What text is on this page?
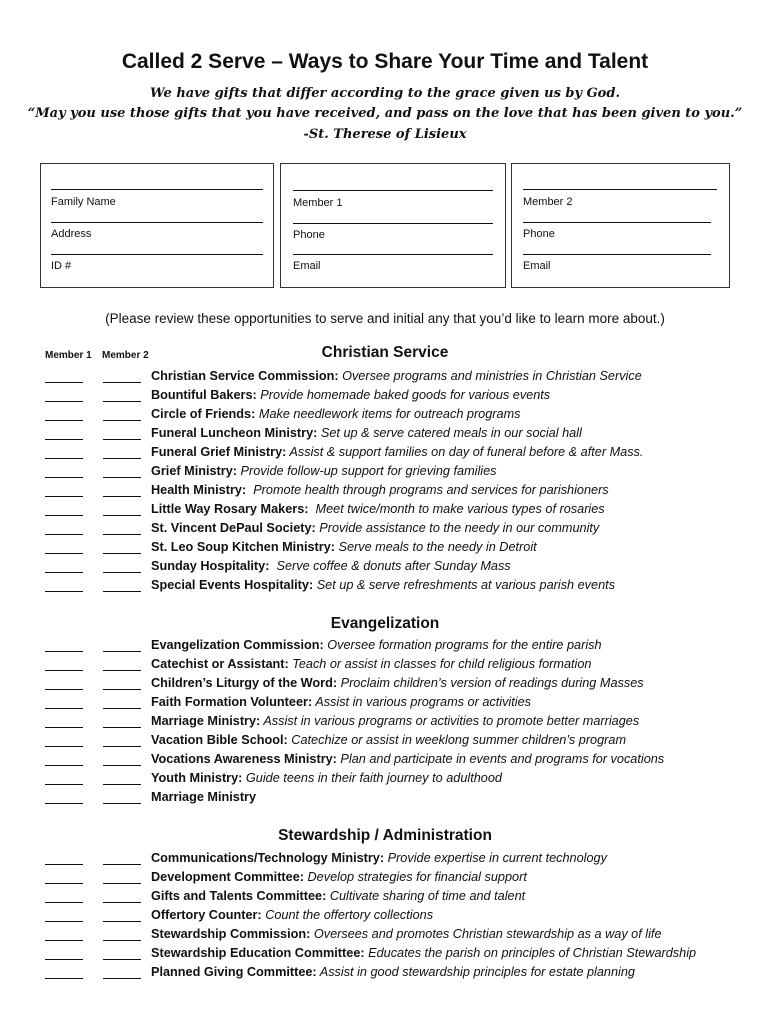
Called 2 Serve – Ways to Share Your Time and Talent
We have gifts that differ according to the grace given us by God.
“May you use those gifts that you have received, and pass on the love that has been given to you.”
-St. Therese of Lisieux
Family Name
Address
ID #
Member 1
Phone
Email
Member 2
Phone
Email
(Please review these opportunities to serve and initial any that you’d like to learn more about.)
Member 1 Member 2	Christian Service
Christian Service Commission: Oversee programs and ministries in Christian Service
Bountiful Bakers: Provide homemade baked goods for various events
Circle of Friends: Make needlework items for outreach programs
Funeral Luncheon Ministry: Set up & serve catered meals in our social hall
Funeral Grief Ministry: Assist & support families on day of funeral before & after Mass.
Grief Ministry: Provide follow-up support for grieving families
Health Ministry:  Promote health through programs and services for parishioners
Little Way Rosary Makers:  Meet twice/month to make various types of rosaries
St. Vincent DePaul Society: Provide assistance to the needy in our community
St. Leo Soup Kitchen Ministry: Serve meals to the needy in Detroit
Sunday Hospitality:  Serve coffee & donuts after Sunday Mass
Special Events Hospitality: Set up & serve refreshments at various parish events
Evangelization
Evangelization Commission: Oversee formation programs for the entire parish
Catechist or Assistant: Teach or assist in classes for child religious formation
Children’s Liturgy of the Word: Proclaim children’s version of readings during Masses
Faith Formation Volunteer: Assist in various programs or activities
Marriage Ministry: Assist in various programs or activities to promote better marriages
Vacation Bible School: Catechize or assist in weeklong summer children’s program
Vocations Awareness Ministry: Plan and participate in events and programs for vocations
Youth Ministry: Guide teens in their faith journey to adulthood
Marriage Ministry
Stewardship / Administration
Communications/Technology Ministry: Provide expertise in current technology
Development Committee: Develop strategies for financial support
Gifts and Talents Committee: Cultivate sharing of time and talent
Offertory Counter: Count the offertory collections
Stewardship Commission: Oversees and promotes Christian stewardship as a way of life
Stewardship Education Committee: Educates the parish on principles of Christian Stewardship
Planned Giving Committee: Assist in good stewardship principles for estate planning
